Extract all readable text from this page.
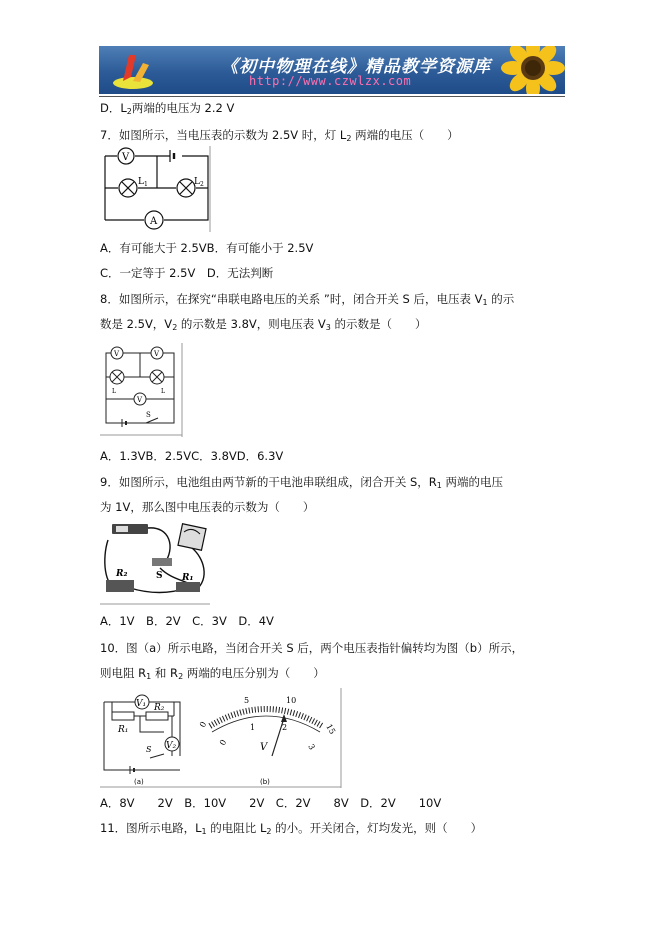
《初中物理在线》精品教学资源库
http://www.czwlzx.com
D．$L_2$两端的电压为 2.2 V
7．如图所示，当电压表的示数为 2.5V 时，灯 $L_2$ 两端的电压（　　）
V
A
$L_1$	$L_2$
A．有可能大于 2.5VB．有可能小于 2.5V
C．一定等于 2.5V　D．无法判断
8．如图所示，在探究“串联电路电压的关系 ”时，闭合开关 S 后，电压表 $V_1$ 的示
数是 2.5V，$V_2$ 的示数是 3.8V，则电压表 $V_3$ 的示数是（　　）
V	V
V
S
L	L
A．1.3VB．2.5VC．3.8VD．6.3V
9．如图所示，电池组由两节新的干电池串联组成，闭合开关 S，$R_1$ 两端的电压
为 1V，那么图中电压表的示数为（　　）
R₂	S R₁
A．1V　B．2V　C．3V　D．4V
10．图（a）所示电路，当闭合开关 S 后，两个电压表指针偏转均为图（b）所示，
则电阻 $R_1$ 和 $R_2$ 两端的电压分别为（　　）
V₁
V₂
R₁
R₂
S
(a)
0
5	10
15
0
1	2
3
V
(b)
A．8V　　2V　B．10V　　2V　C．2V　　8V　D．2V　　10V
11．图所示电路，$L_1$ 的电阻比 $L_2$ 的小。开关闭合，灯均发光，则（　　）
